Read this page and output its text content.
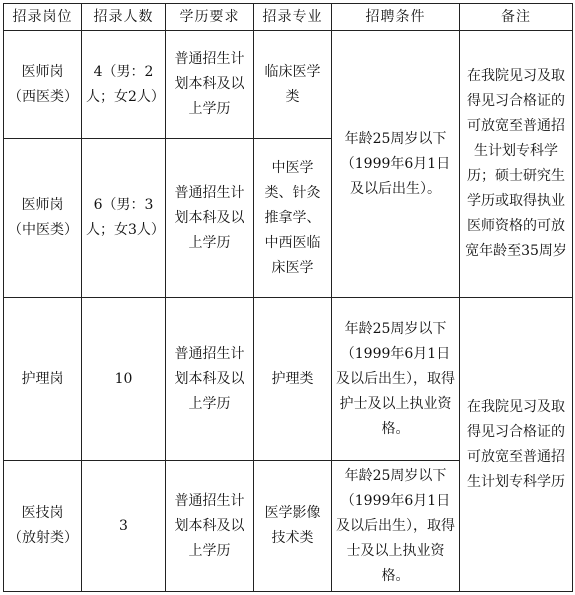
招录岗位	招录人数	学历要求	招录专业	招聘条件	备注
医师岗（西医类）	4（男：2人；女2人）	普通招生计划本科及以上学历	临床医学类	年龄25周岁以下（1999年6月1日及以后出生）。	在我院见习及取得见习合格证的可放宽至普通招生计划专科学历；硕士研究生学历或取得执业医师资格的可放宽年龄至35周岁
医师岗（中医类）	6（男：3人；女3人）	普通招生计划本科及以上学历	中医学类、针灸推拿学、中西医临床医学		
护理岗	10	普通招生计划本科及以上学历	护理类	年龄25周岁以下（1999年6月1日及以后出生），取得护士及以上执业资格。	在我院见习及取得见习合格证的可放宽至普通招生计划专科学历
医技岗（放射类）	3	普通招生计划本科及以上学历	医学影像技术类	年龄25周岁以下（1999年6月1日及以后出生），取得士及以上执业资格。	
